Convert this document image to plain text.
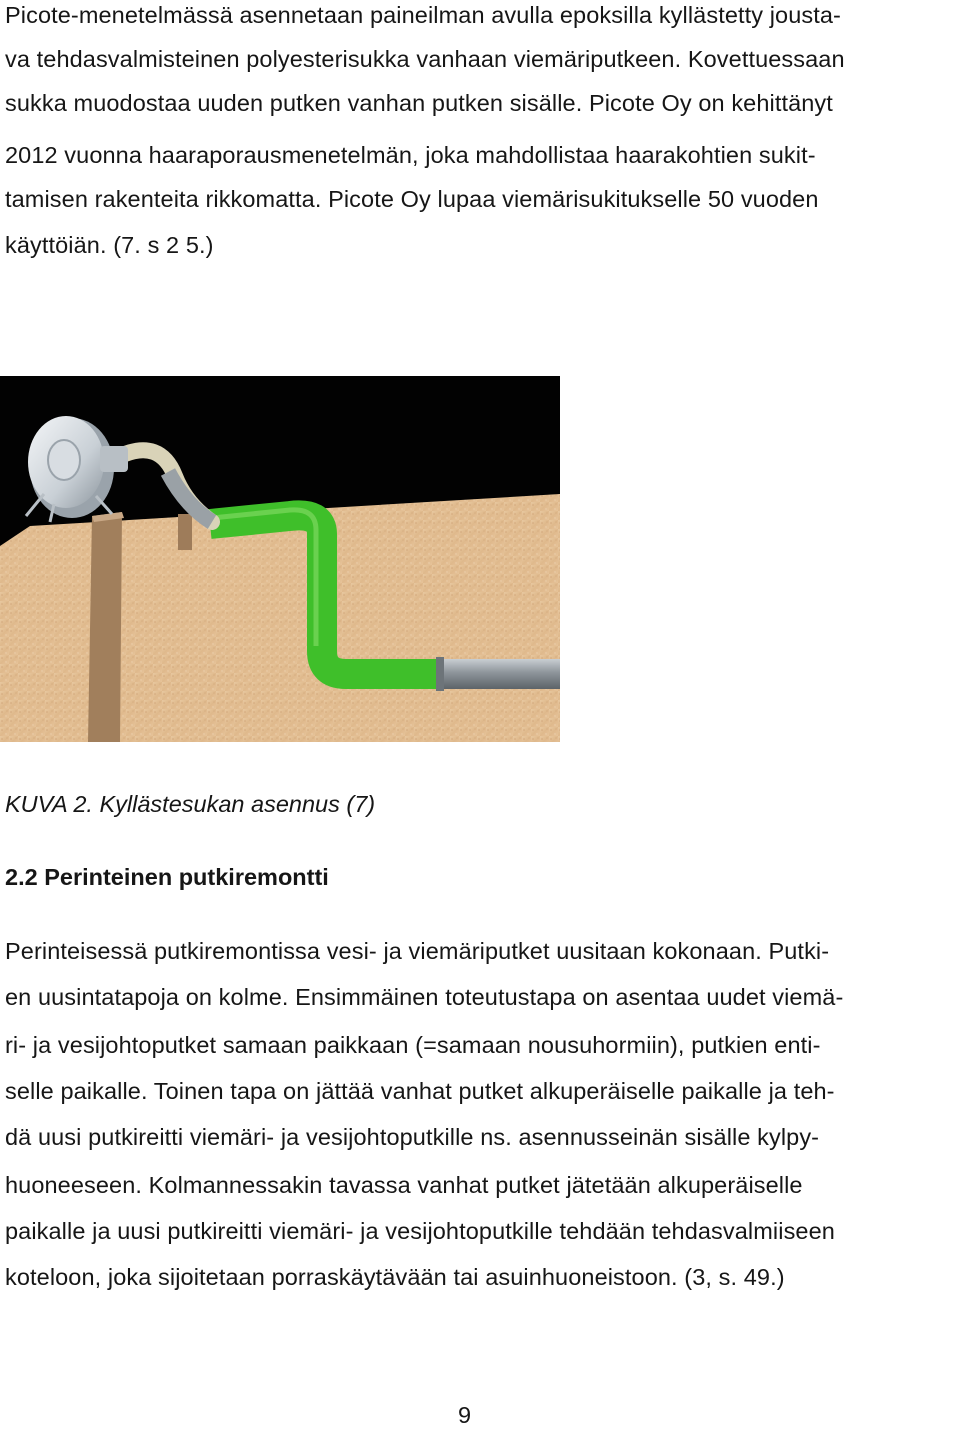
Picote-menetelmässä asennetaan paineilman avulla epoksilla kyllästetty jousta-
va tehdasvalmisteinen polyesterisukka vanhaan viemäriputkeen. Kovettuessaan
sukka muodostaa uuden putken vanhan putken sisälle. Picote Oy on kehittänyt
2012 vuonna haaraporausmenetelmän, joka mahdollistaa haarakohtien sukit-
tamisen rakenteita rikkomatta. Picote Oy lupaa viemärisukitukselle 50 vuoden
käyttöiän. (7. s 2 5.)
KUVA 2. Kyllästesukan asennus (7)
2.2 Perinteinen putkiremontti
Perinteisessä putkiremontissa vesi- ja viemäriputket uusitaan kokonaan. Putki-
en uusintatapoja on kolme. Ensimmäinen toteutustapa on asentaa uudet viemä-
ri- ja vesijohtoputket samaan paikkaan (=samaan nousuhormiin), putkien enti-
selle paikalle. Toinen tapa on jättää vanhat putket alkuperäiselle paikalle ja teh-
dä uusi putkireitti viemäri- ja vesijohtoputkille ns. asennusseinän sisälle kylpy-
huoneeseen. Kolmannessakin tavassa vanhat putket jätetään alkuperäiselle
paikalle ja uusi putkireitti viemäri- ja vesijohtoputkille tehdään tehdasvalmiiseen
koteloon, joka sijoitetaan porraskäytävään tai asuinhuoneistoon. (3, s. 49.)
9
